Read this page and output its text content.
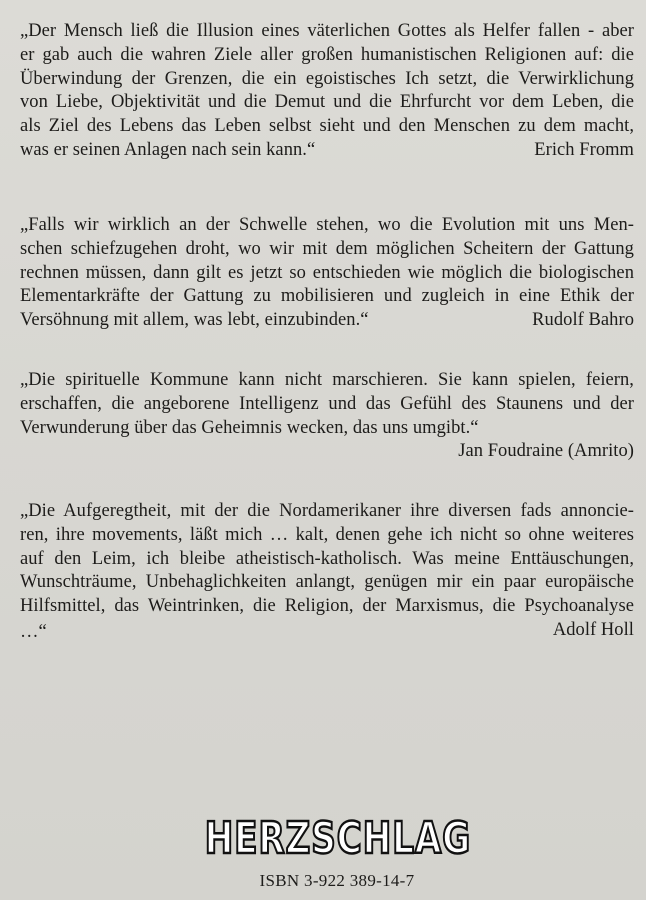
„Der Mensch ließ die Illusion eines väterlichen Gottes als Helfer fallen - aber
er gab auch die wahren Ziele aller großen humanistischen Religionen auf: die
Überwindung der Grenzen, die ein egoistisches Ich setzt, die Verwirklichung
von Liebe, Objektivität und die Demut und die Ehrfurcht vor dem Leben, die
als Ziel des Lebens das Leben selbst sieht und den Menschen zu dem macht,
was er seinen Anlagen nach sein kann.“	Erich Fromm
„Falls wir wirklich an der Schwelle stehen, wo die Evolution mit uns Men-
schen schiefzugehen droht, wo wir mit dem möglichen Scheitern der Gattung
rechnen müssen, dann gilt es jetzt so entschieden wie möglich die biologischen
Elementarkräfte der Gattung zu mobilisieren und zugleich in eine Ethik der
Versöhnung mit allem, was lebt, einzubinden.“	Rudolf Bahro
„Die spirituelle Kommune kann nicht marschieren. Sie kann spielen, feiern,
erschaffen, die angeborene Intelligenz und das Gefühl des Staunens und der
Verwunderung über das Geheimnis wecken, das uns umgibt.“
Jan Foudraine (Amrito)
„Die Aufgeregtheit, mit der die Nordamerikaner ihre diversen fads annoncie-
ren, ihre movements, läßt mich … kalt, denen gehe ich nicht so ohne weiteres
auf den Leim, ich bleibe atheistisch-katholisch. Was meine Enttäuschungen,
Wunschträume, Unbehaglichkeiten anlangt, genügen mir ein paar europäische
Hilfsmittel, das Weintrinken, die Religion, der Marxismus, die Psychoanalyse
Adolf Holl
…“
HERZSCHLAG
ISBN 3-922 389-14-7
